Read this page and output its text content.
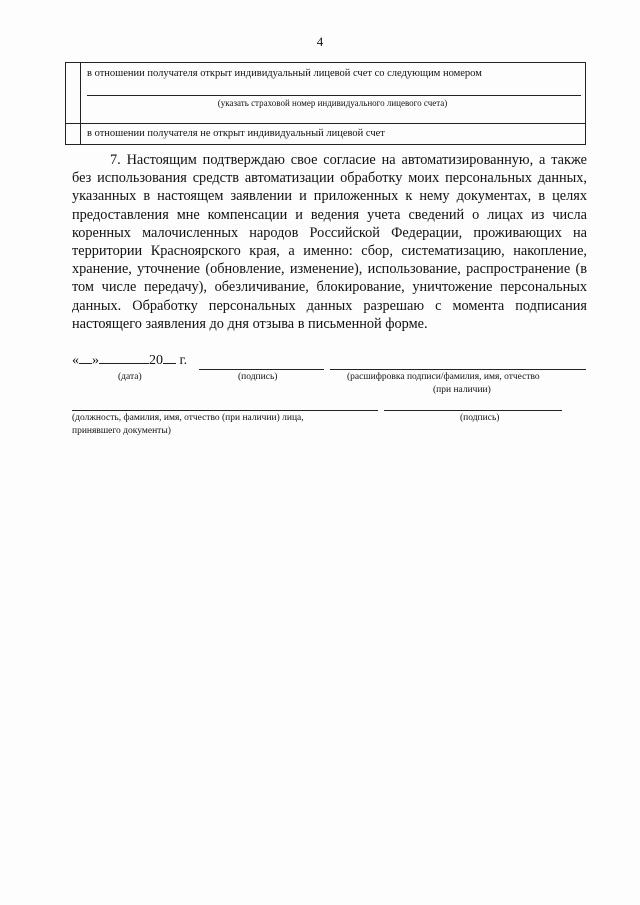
4
в отношении получателя открыт индивидуальный лицевой счет со следующим номером
(указать страховой номер индивидуального лицевого счета)
в отношении получателя не открыт индивидуальный лицевой счет
7. Настоящим подтверждаю свое согласие на автоматизированную, а также без использования средств автоматизации обработку моих персональных данных, указанных в настоящем заявлении и приложенных к нему документах, в целях предоставления мне компенсации и ведения учета сведений о лицах из числа коренных малочисленных народов Российской Федерации, проживающих на территории Красноярского края, а именно: сбор, систематизацию, накопление, хранение, уточнение (обновление, изменение), использование, распространение (в том числе передачу), обезличивание, блокирование, уничтожение персональных данных. Обработку персональных данных разрешаю с момента подписания настоящего заявления до дня отзыва в письменной форме.
« »	20 г.
(дата)	(подпись)	(расшифровка подписи/фамилия, имя, отчество
(при наличии)
(должность, фамилия, имя, отчество (при наличии) лица,
принявшего документы)
(подпись)
